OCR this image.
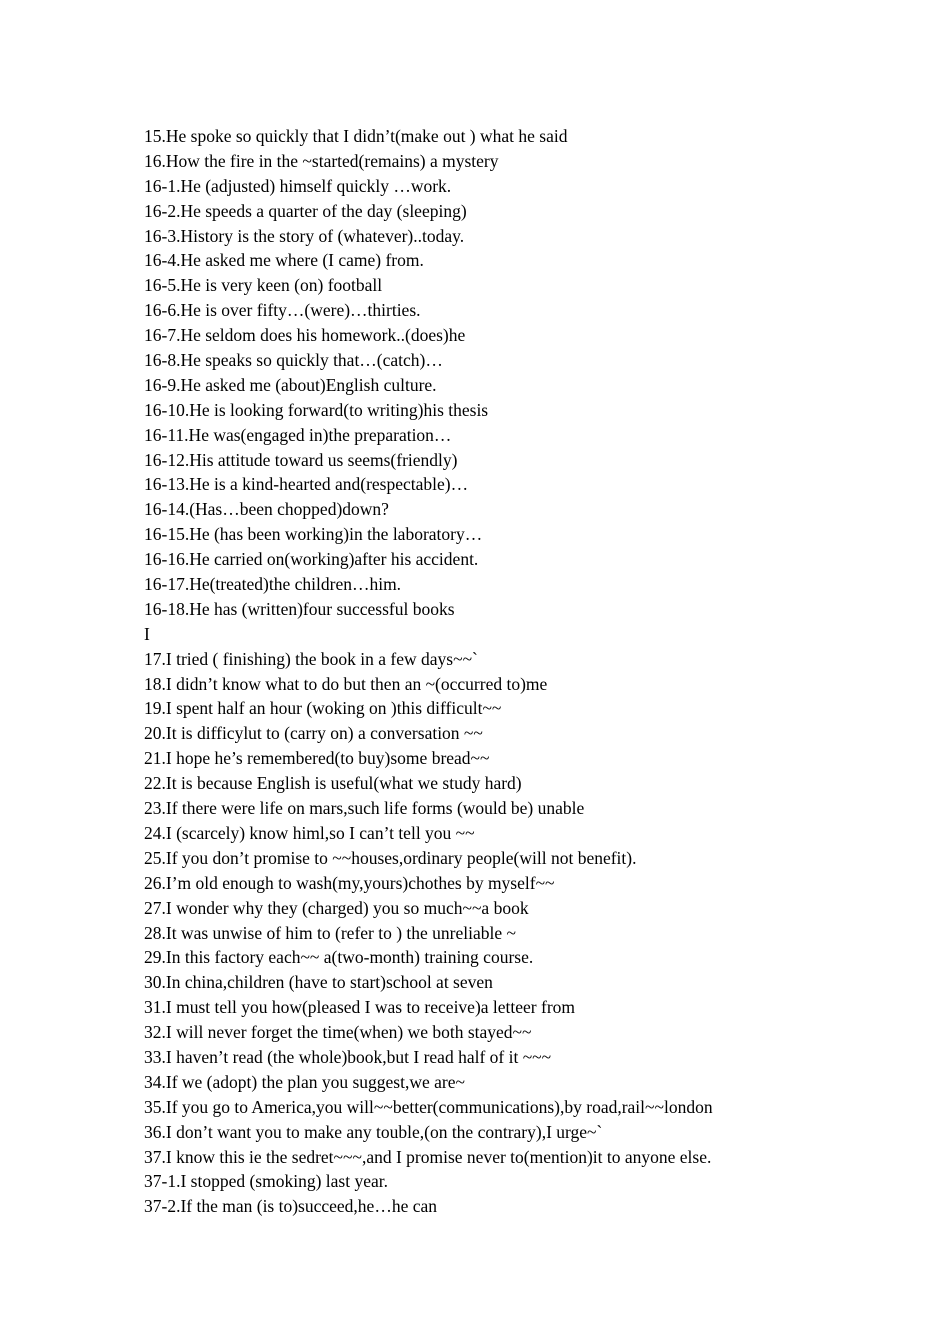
15.He spoke so quickly that I didn’t(make out ) what he said
16.How the fire in the ~started(remains) a mystery
16-1.He (adjusted) himself quickly …work.
16-2.He speeds a quarter of the day (sleeping)
16-3.History is the story of (whatever)..today.
16-4.He asked me where (I came) from.
16-5.He is very keen (on) football
16-6.He is over fifty…(were)…thirties.
16-7.He seldom does his homework..(does)he
16-8.He speaks so quickly that…(catch)…
16-9.He asked me (about)English culture.
16-10.He is looking forward(to writing)his thesis
16-11.He was(engaged in)the preparation…
16-12.His attitude toward us seems(friendly)
16-13.He is a kind-hearted and(respectable)…
16-14.(Has…been chopped)down?
16-15.He (has been working)in the laboratory…
16-16.He carried on(working)after his accident.
16-17.He(treated)the children…him.
16-18.He has (written)four successful books
I
17.I tried ( finishing) the book in a few days~~`
18.I didn’t know what to do but then an ~(occurred to)me
19.I spent half an hour (woking on )this difficult~~
20.It is difficylut to (carry on) a conversation ~~
21.I hope he’s remembered(to buy)some bread~~
22.It is because English is useful(what we study hard)
23.If there were life on mars,such life forms (would be) unable
24.I (scarcely) know himl,so I can’t tell you ~~
25.If you don’t promise to ~~houses,ordinary people(will not benefit).
26.I’m old enough to wash(my,yours)chothes by myself~~
27.I wonder why they (charged) you so much~~a book
28.It was unwise of him to (refer to ) the unreliable ~
29.In this factory each~~ a(two-month) training course.
30.In china,children (have to start)school at seven
31.I must tell you how(pleased I was to receive)a letteer from
32.I will never forget the time(when) we both stayed~~
33.I haven’t read (the whole)book,but I read half of it ~~~
34.If we (adopt) the plan you suggest,we are~
35.If you go to America,you will~~better(communications),by road,rail~~london
36.I don’t want you to make any touble,(on the contrary),I urge~`
37.I know this ie the sedret~~~,and I promise never to(mention)it to anyone else.
37-1.I stopped (smoking) last year.
37-2.If the man (is to)succeed,he…he can
